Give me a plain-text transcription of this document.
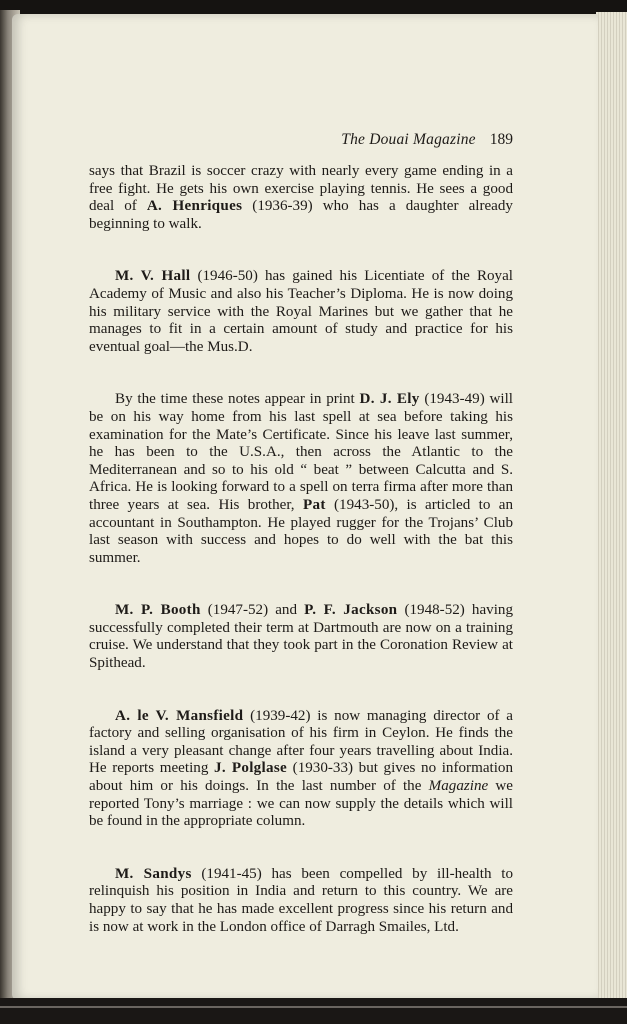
The Douai Magazine 189

says that Brazil is soccer crazy with nearly every game ending in a free fight. He gets his own exercise playing tennis. He sees a good deal of A. Henriques (1936-39) who has a daughter already beginning to walk.

M. V. Hall (1946-50) has gained his Licentiate of the Royal Academy of Music and also his Teacher’s Diploma. He is now doing his military service with the Royal Marines but we gather that he manages to fit in a certain amount of study and practice for his eventual goal—the Mus.D.

By the time these notes appear in print D. J. Ely (1943-49) will be on his way home from his last spell at sea before taking his examination for the Mate’s Certificate. Since his leave last summer, he has been to the U.S.A., then across the Atlantic to the Mediterranean and so to his old “ beat ” between Calcutta and S. Africa. He is looking forward to a spell on terra firma after more than three years at sea. His brother, Pat (1943-50), is articled to an accountant in Southampton. He played rugger for the Trojans’ Club last season with success and hopes to do well with the bat this summer.

M. P. Booth (1947-52) and P. F. Jackson (1948-52) having successfully completed their term at Dartmouth are now on a training cruise. We understand that they took part in the Coronation Review at Spithead.

A. le V. Mansfield (1939-42) is now managing director of a factory and selling organisation of his firm in Ceylon. He finds the island a very pleasant change after four years travelling about India. He reports meeting J. Polglase (1930-33) but gives no information about him or his doings. In the last number of the Magazine we reported Tony’s marriage : we can now supply the details which will be found in the appropriate column.

M. Sandys (1941-45) has been compelled by ill-health to relinquish his position in India and return to this country. We are happy to say that he has made excellent progress since his return and is now at work in the London office of Darragh Smailes, Ltd.
